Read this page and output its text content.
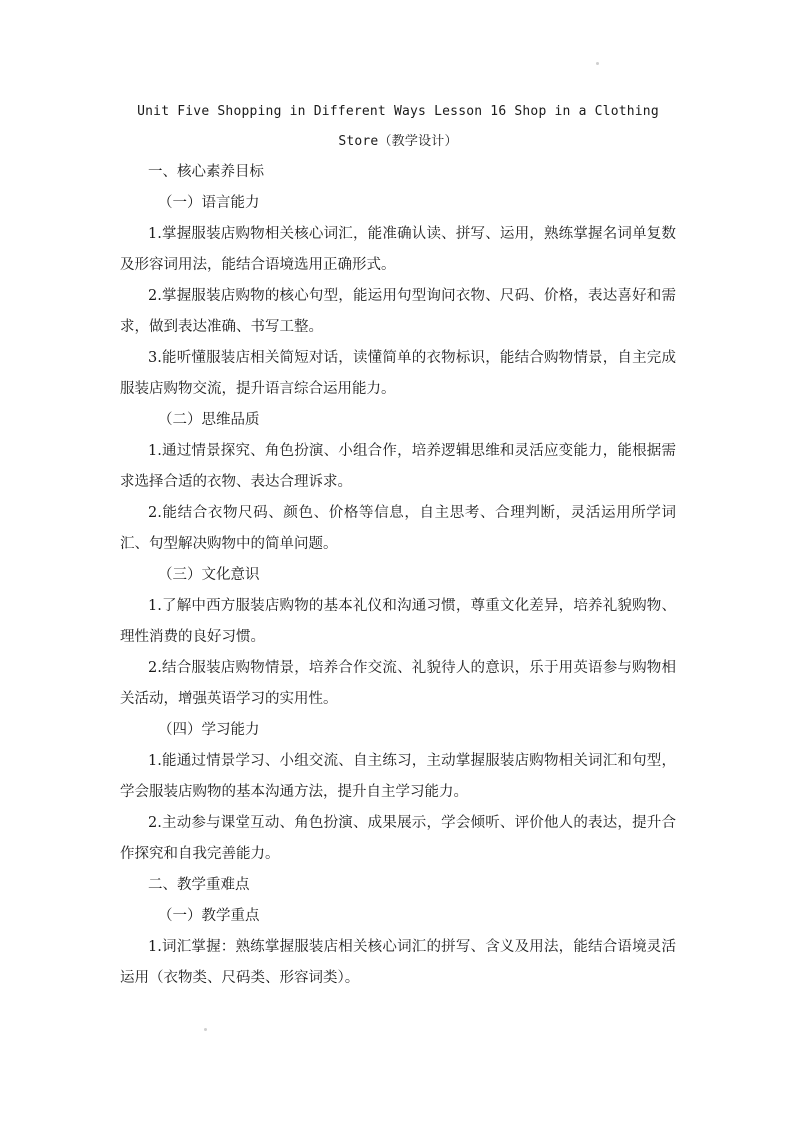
Unit Five Shopping in Different Ways Lesson 16 Shop in a Clothing

Store（教学设计）

一、核心素养目标

（一）语言能力

1.掌握服装店购物相关核心词汇，能准确认读、拼写、运用，熟练掌握名词单复数及形容词用法，能结合语境选用正确形式。

2.掌握服装店购物的核心句型，能运用句型询问衣物、尺码、价格，表达喜好和需求，做到表达准确、书写工整。

3.能听懂服装店相关简短对话，读懂简单的衣物标识，能结合购物情景，自主完成服装店购物交流，提升语言综合运用能力。

（二）思维品质

1.通过情景探究、角色扮演、小组合作，培养逻辑思维和灵活应变能力，能根据需求选择合适的衣物、表达合理诉求。

2.能结合衣物尺码、颜色、价格等信息，自主思考、合理判断，灵活运用所学词汇、句型解决购物中的简单问题。

（三）文化意识

1.了解中西方服装店购物的基本礼仪和沟通习惯，尊重文化差异，培养礼貌购物、理性消费的良好习惯。

2.结合服装店购物情景，培养合作交流、礼貌待人的意识，乐于用英语参与购物相关活动，增强英语学习的实用性。

（四）学习能力

1.能通过情景学习、小组交流、自主练习，主动掌握服装店购物相关词汇和句型，学会服装店购物的基本沟通方法，提升自主学习能力。

2.主动参与课堂互动、角色扮演、成果展示，学会倾听、评价他人的表达，提升合作探究和自我完善能力。

二、教学重难点

（一）教学重点

1.词汇掌握：熟练掌握服装店相关核心词汇的拼写、含义及用法，能结合语境灵活运用（衣物类、尺码类、形容词类）。
